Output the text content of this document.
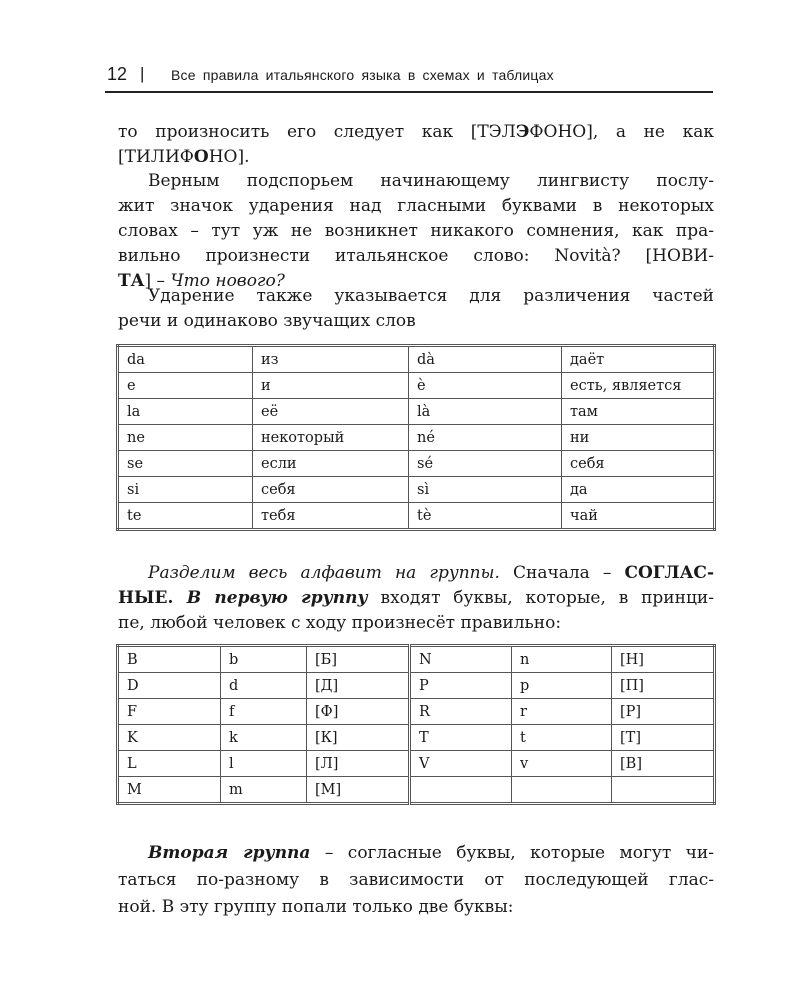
12 | Все правила итальянского языка в схемах и таблицах
то произносить его следует как [ТЭЛЭФОНО], а не как
[ТИЛИФОНО].
Верным подспорьем начинающему лингвисту послу-
жит значок ударения над гласными буквами в некоторых
словах – тут уж не возникнет никакого сомнения, как пра-
вильно произнести итальянское слово: Novità? [НОВИ-
ТА] – Что нового?
Ударение также указывается для различения частей
речи и одинаково звучащих слов
da	из	dà	даёт
e	и	è	есть, является
la	её	là	там
ne	некоторый	né	ни
se	если	sé	себя
si	себя	sì	да
te	тебя	tè	чай
Разделим весь алфавит на группы. Сначала – СОГЛАС-
НЫЕ. В первую группу входят буквы, которые, в принци-
пе, любой человек с ходу произнесёт правильно:
B	b	[Б]	N	n	[Н]
D	d	[Д]	P	p	[П]
F	f	[Ф]	R	r	[Р]
K	k	[К]	T	t	[Т]
L	l	[Л]	V	v	[В]
M	m	[М]			
Вторая группа – согласные буквы, которые могут чи-
таться по-разному в зависимости от последующей глас-
ной. В эту группу попали только две буквы:
